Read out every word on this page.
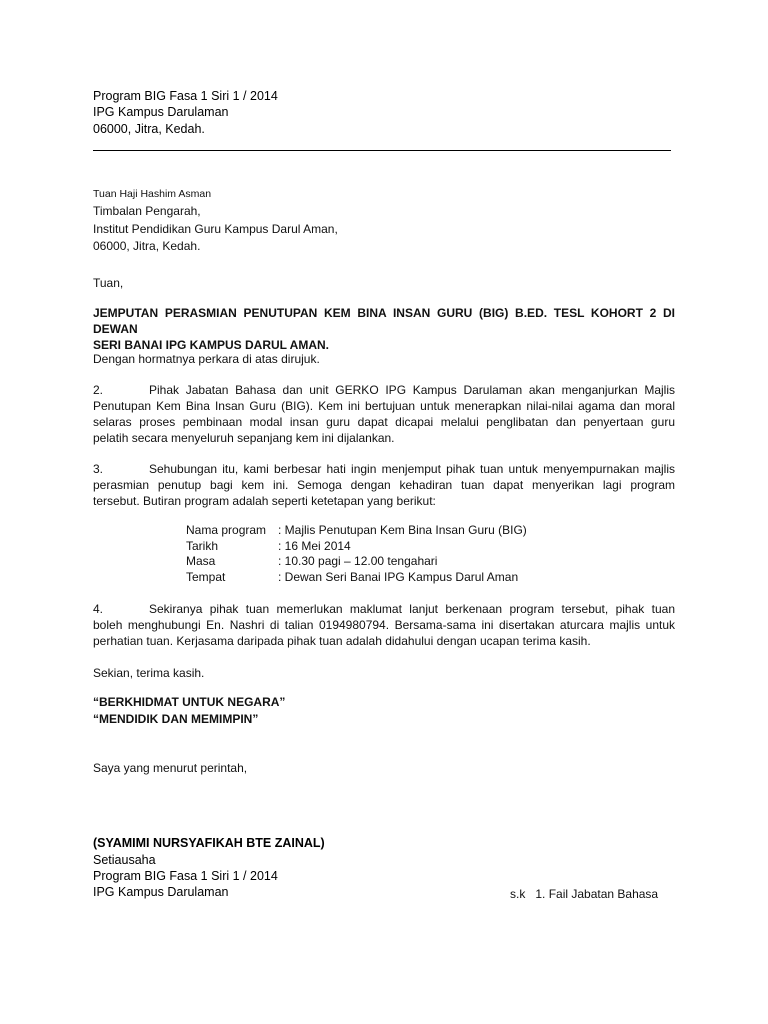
Program BIG Fasa 1 Siri 1 / 2014
IPG Kampus Darulaman
06000, Jitra, Kedah.
Tuan Haji Hashim Asman
Timbalan Pengarah,
Institut Pendidikan Guru Kampus Darul Aman,
06000, Jitra, Kedah.
Tuan,
JEMPUTAN PERASMIAN PENUTUPAN KEM BINA INSAN GURU (BIG) B.ED. TESL KOHORT 2 DI DEWAN
SERI BANAI IPG KAMPUS DARUL AMAN.
Dengan hormatnya perkara di atas dirujuk.
2.	Pihak Jabatan Bahasa dan unit GERKO IPG Kampus Darulaman akan menganjurkan Majlis
Penutupan Kem Bina Insan Guru (BIG). Kem ini bertujuan untuk menerapkan nilai-nilai agama dan moral
selaras proses pembinaan modal insan guru dapat dicapai melalui penglibatan dan penyertaan guru
pelatih secara menyeluruh sepanjang kem ini dijalankan.
3.	Sehubungan itu, kami berbesar hati ingin menjemput pihak tuan untuk menyempurnakan majlis
perasmian penutup bagi kem ini. Semoga dengan kehadiran tuan dapat menyerikan lagi program
tersebut. Butiran program adalah seperti ketetapan yang berikut:
Nama program : Majlis Penutupan Kem Bina Insan Guru (BIG)
Tarikh	: 16 Mei 2014
Masa	: 10.30 pagi – 12.00 tengahari
Tempat	: Dewan Seri Banai IPG Kampus Darul Aman
4.	Sekiranya pihak tuan memerlukan maklumat lanjut berkenaan program tersebut, pihak tuan
boleh menghubungi En. Nashri di talian 0194980794. Bersama-sama ini disertakan aturcara majlis untuk
perhatian tuan. Kerjasama daripada pihak tuan adalah didahului dengan ucapan terima kasih.
Sekian, terima kasih.
“BERKHIDMAT UNTUK NEGARA”
“MENDIDIK DAN MEMIMPIN”
Saya yang menurut perintah,
(SYAMIMI NURSYAFIKAH BTE ZAINAL)
Setiausaha
Program BIG Fasa 1 Siri 1 / 2014
IPG Kampus Darulaman	s.k 1. Fail Jabatan Bahasa
